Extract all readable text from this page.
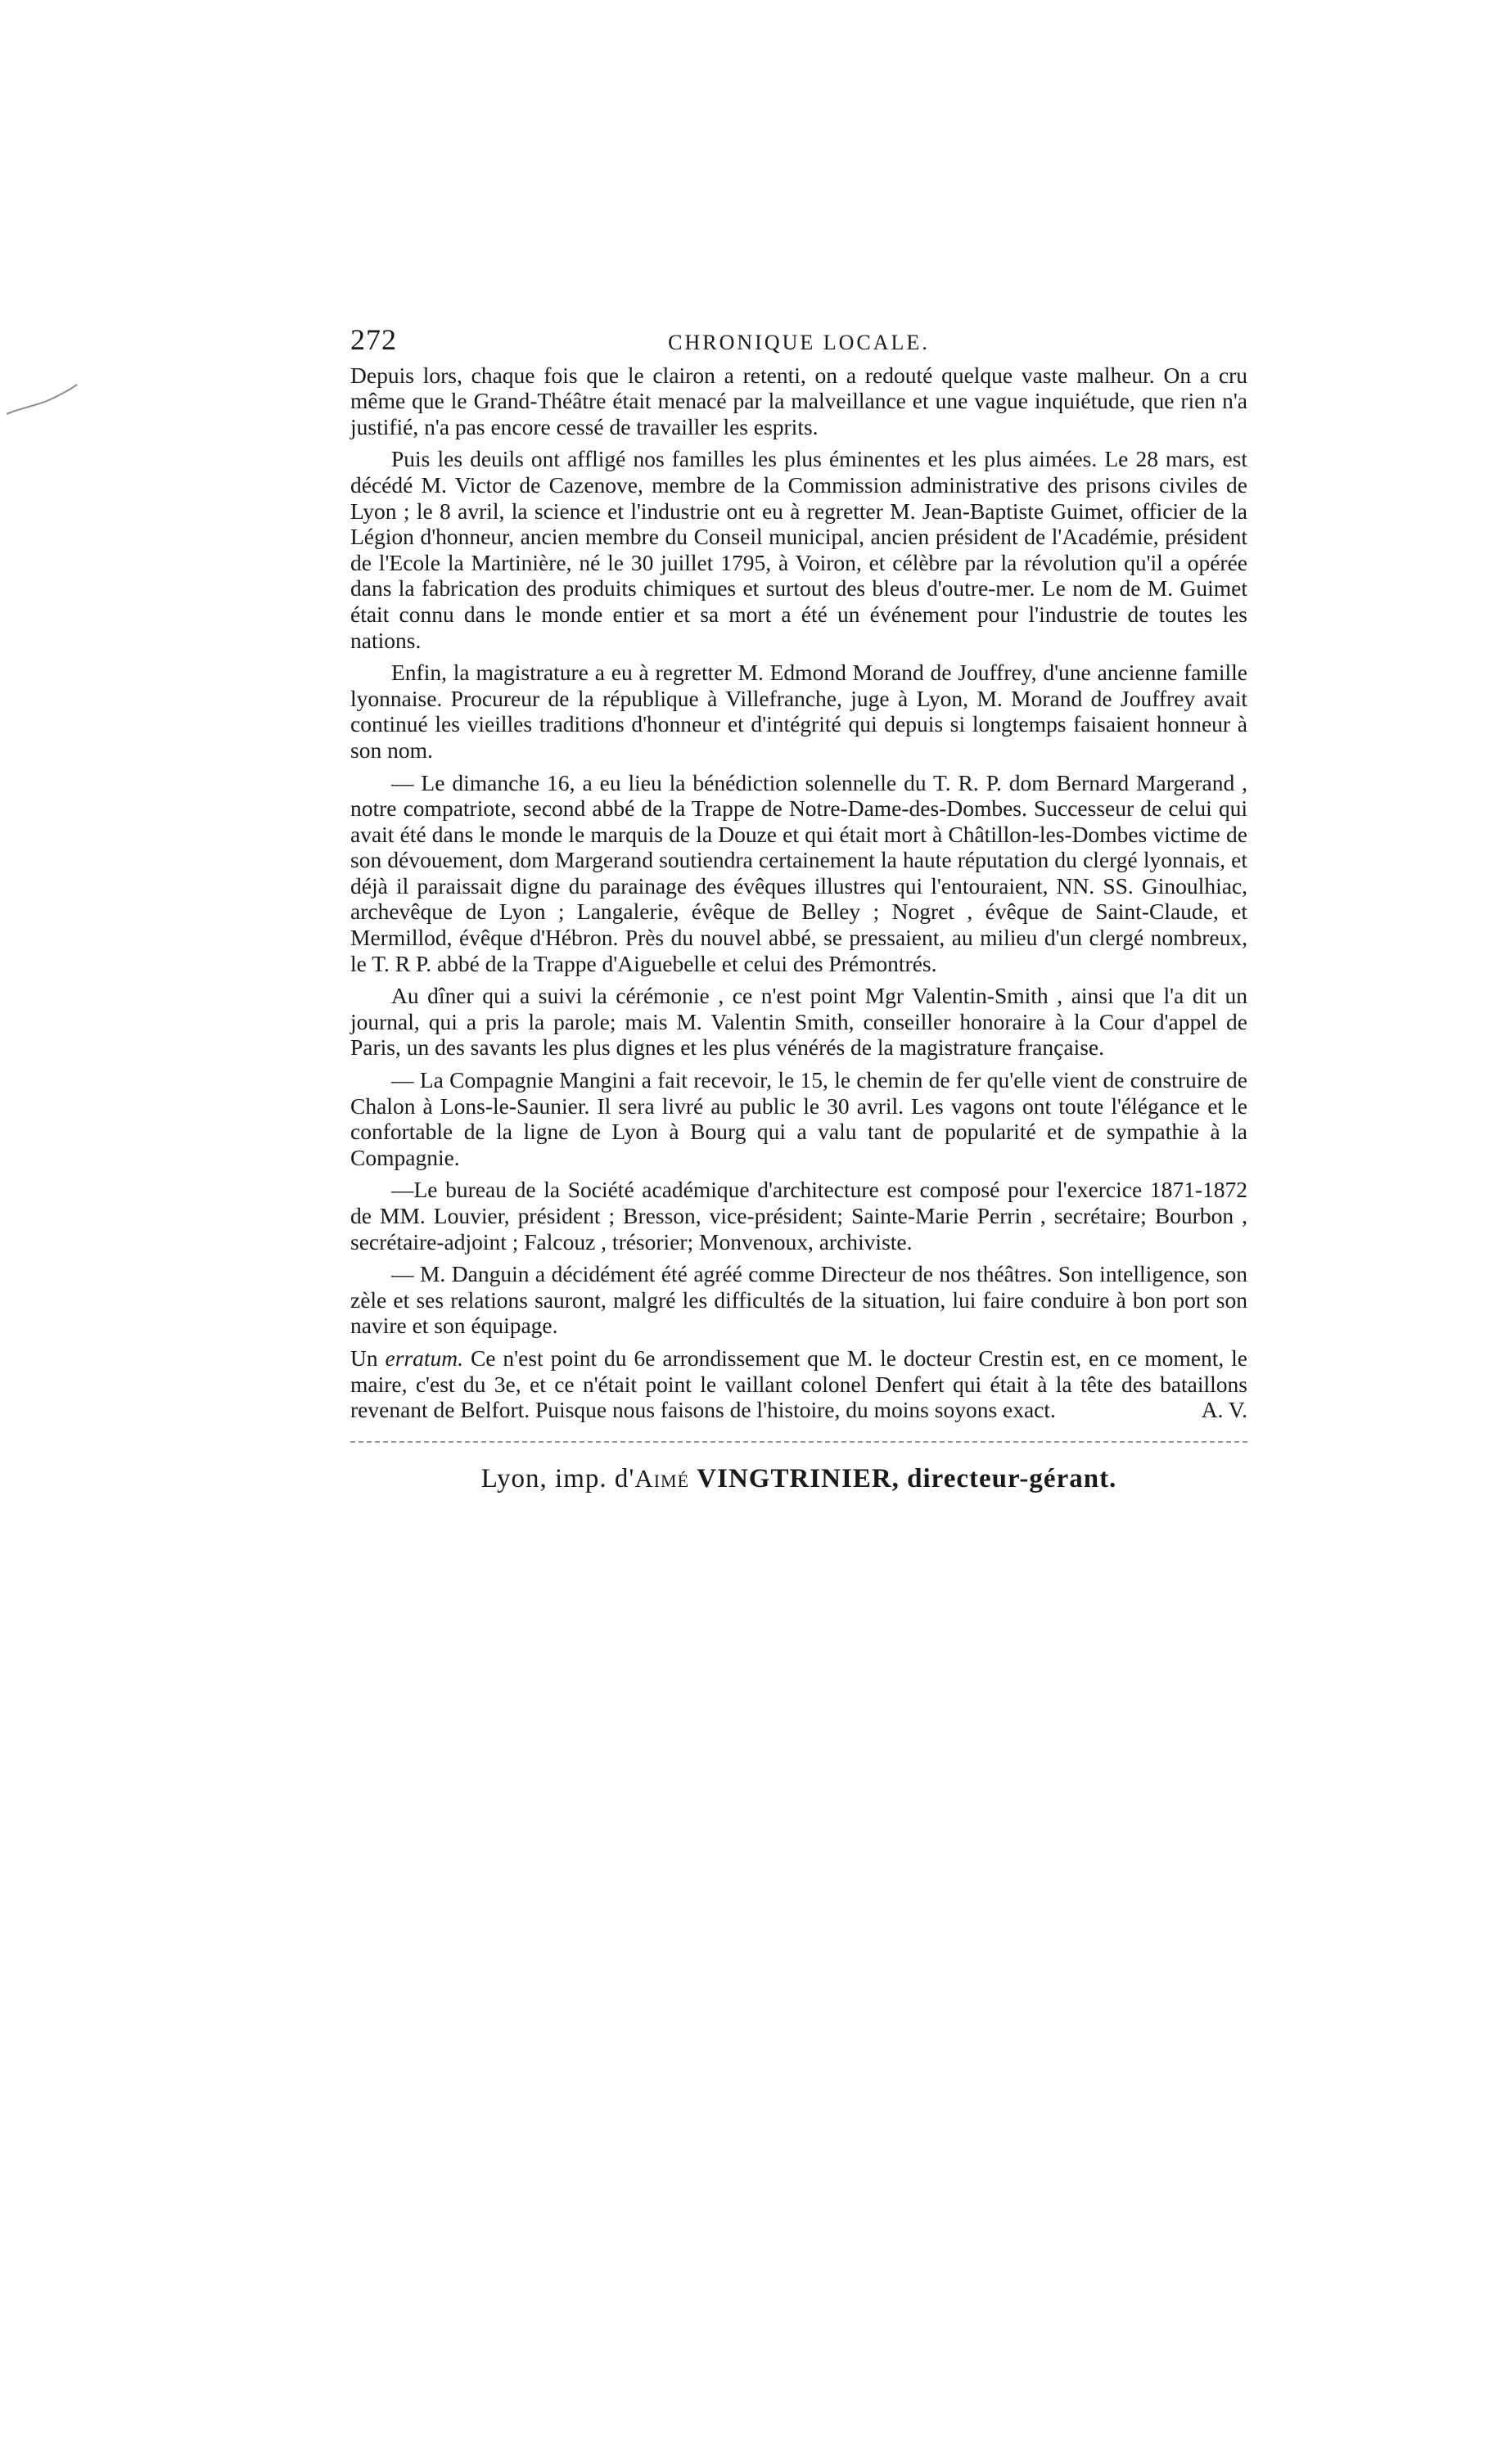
272	CHRONIQUE LOCALE.

Depuis lors, chaque fois que le clairon a retenti, on a redouté quelque vaste malheur. On a cru même que le Grand-Théâtre était menacé par la malveillance et une vague inquiétude, que rien n'a justifié, n'a pas encore cessé de travailler les esprits.

Puis les deuils ont affligé nos familles les plus éminentes et les plus aimées. Le 28 mars, est décédé M. Victor de Cazenove, membre de la Commission administrative des prisons civiles de Lyon ; le 8 avril, la science et l'industrie ont eu à regretter M. Jean-Baptiste Guimet, officier de la Légion d'honneur, ancien membre du Conseil municipal, ancien président de l'Académie, président de l'Ecole la Martinière, né le 30 juillet 1795, à Voiron, et célèbre par la révolution qu'il a opérée dans la fabrication des produits chimiques et surtout des bleus d'outre-mer. Le nom de M. Guimet était connu dans le monde entier et sa mort a été un événement pour l'industrie de toutes les nations.

Enfin, la magistrature a eu à regretter M. Edmond Morand de Jouffrey, d'une ancienne famille lyonnaise. Procureur de la république à Villefranche, juge à Lyon, M. Morand de Jouffrey avait continué les vieilles traditions d'honneur et d'intégrité qui depuis si longtemps faisaient honneur à son nom.

— Le dimanche 16, a eu lieu la bénédiction solennelle du T. R. P. dom Bernard Margerand , notre compatriote, second abbé de la Trappe de Notre-Dame-des-Dombes. Successeur de celui qui avait été dans le monde le marquis de la Douze et qui était mort à Châtillon-les-Dombes victime de son dévouement, dom Margerand soutiendra certainement la haute réputation du clergé lyonnais, et déjà il paraissait digne du parainage des évêques illustres qui l'entouraient, NN. SS. Ginoulhiac, archevêque de Lyon ; Langalerie, évêque de Belley ; Nogret , évêque de Saint-Claude, et Mermillod, évêque d'Hébron. Près du nouvel abbé, se pressaient, au milieu d'un clergé nombreux, le T. R P. abbé de la Trappe d'Aiguebelle et celui des Prémontrés.

Au dîner qui a suivi la cérémonie , ce n'est point Mgr Valentin-Smith , ainsi que l'a dit un journal, qui a pris la parole; mais M. Valentin Smith, conseiller honoraire à la Cour d'appel de Paris, un des savants les plus dignes et les plus vénérés de la magistrature française.

— La Compagnie Mangini a fait recevoir, le 15, le chemin de fer qu'elle vient de construire de Chalon à Lons-le-Saunier. Il sera livré au public le 30 avril. Les vagons ont toute l'élégance et le confortable de la ligne de Lyon à Bourg qui a valu tant de popularité et de sympathie à la Compagnie.

—Le bureau de la Société académique d'architecture est composé pour l'exercice 1871-1872 de MM. Louvier, président ; Bresson, vice-président; Sainte-Marie Perrin , secrétaire; Bourbon , secrétaire-adjoint ; Falcouz , trésorier; Monvenoux, archiviste.

— M. Danguin a décidément été agréé comme Directeur de nos théâtres. Son intelligence, son zèle et ses relations sauront, malgré les difficultés de la situation, lui faire conduire à bon port son navire et son équipage.

Un erratum. Ce n'est point du 6e arrondissement que M. le docteur Crestin est, en ce moment, le maire, c'est du 3e, et ce n'était point le vaillant colonel Denfert qui était à la tête des bataillons revenant de Belfort. Puisque nous faisons de l'histoire, du moins soyons exact.	A. V.

Lyon, imp. d'Aimé VINGTRINIER, directeur-gérant.
